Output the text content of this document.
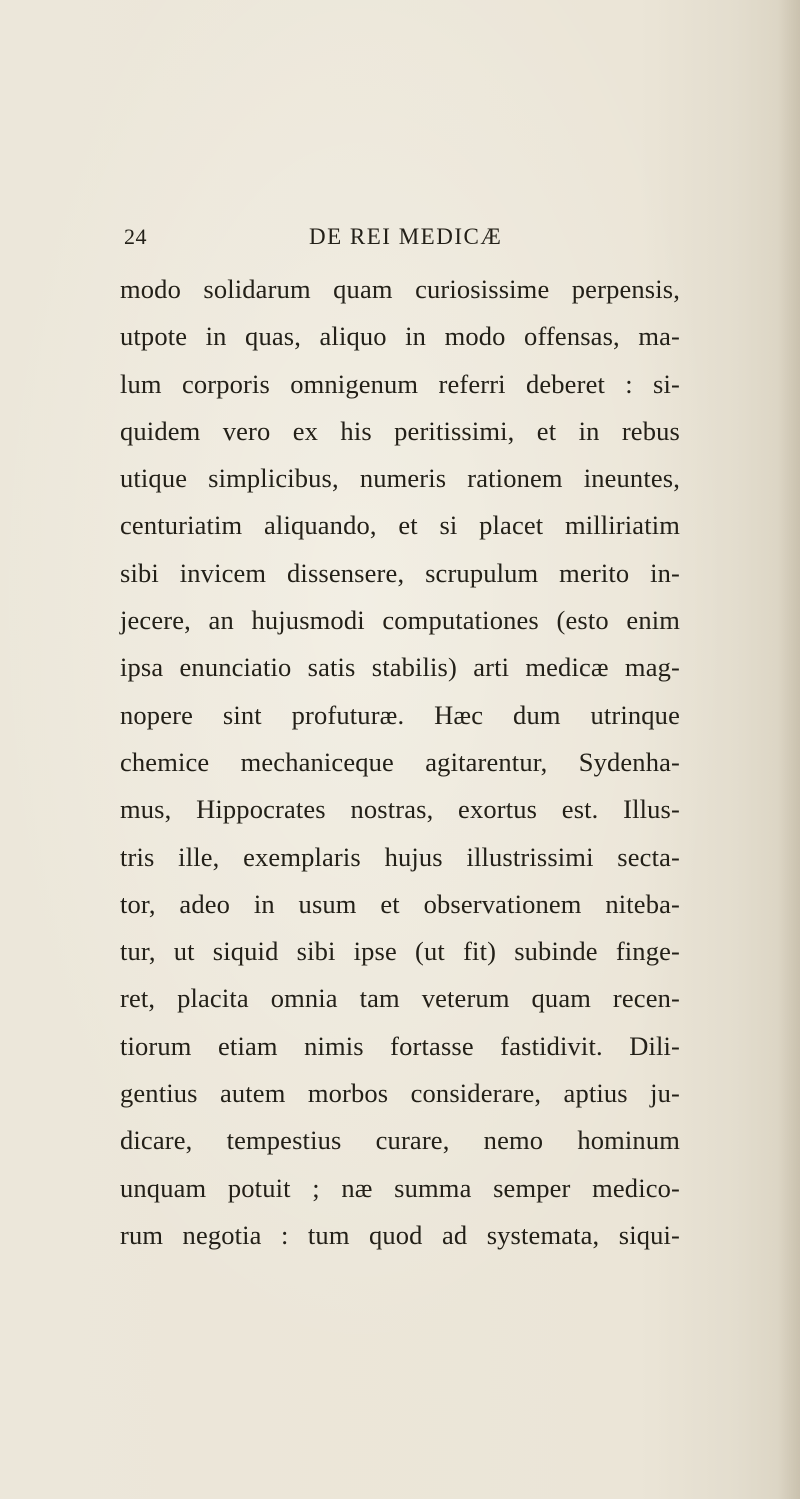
24	DE REI MEDICÆ
modo solidarum quam curiosissime perpensis,
utpote in quas, aliquo in modo offensas, ma-
lum corporis omnigenum referri deberet : si-
quidem vero ex his peritissimi, et in rebus
utique simplicibus, numeris rationem ineuntes,
centuriatim aliquando, et si placet milliriatim
sibi invicem dissensere, scrupulum merito in-
jecere, an hujusmodi computationes (esto enim
ipsa enunciatio satis stabilis) arti medicæ mag-
nopere sint profuturæ. Hæc dum utrinque
chemice mechaniceque agitarentur, Sydenha-
mus, Hippocrates nostras, exortus est. Illus-
tris ille, exemplaris hujus illustrissimi secta-
tor, adeo in usum et observationem niteba-
tur, ut siquid sibi ipse (ut fit) subinde finge-
ret, placita omnia tam veterum quam recen-
tiorum etiam nimis fortasse fastidivit. Dili-
gentius autem morbos considerare, aptius ju-
dicare, tempestius curare, nemo hominum
unquam potuit ; næ summa semper medico-
rum negotia : tum quod ad systemata, siqui-
